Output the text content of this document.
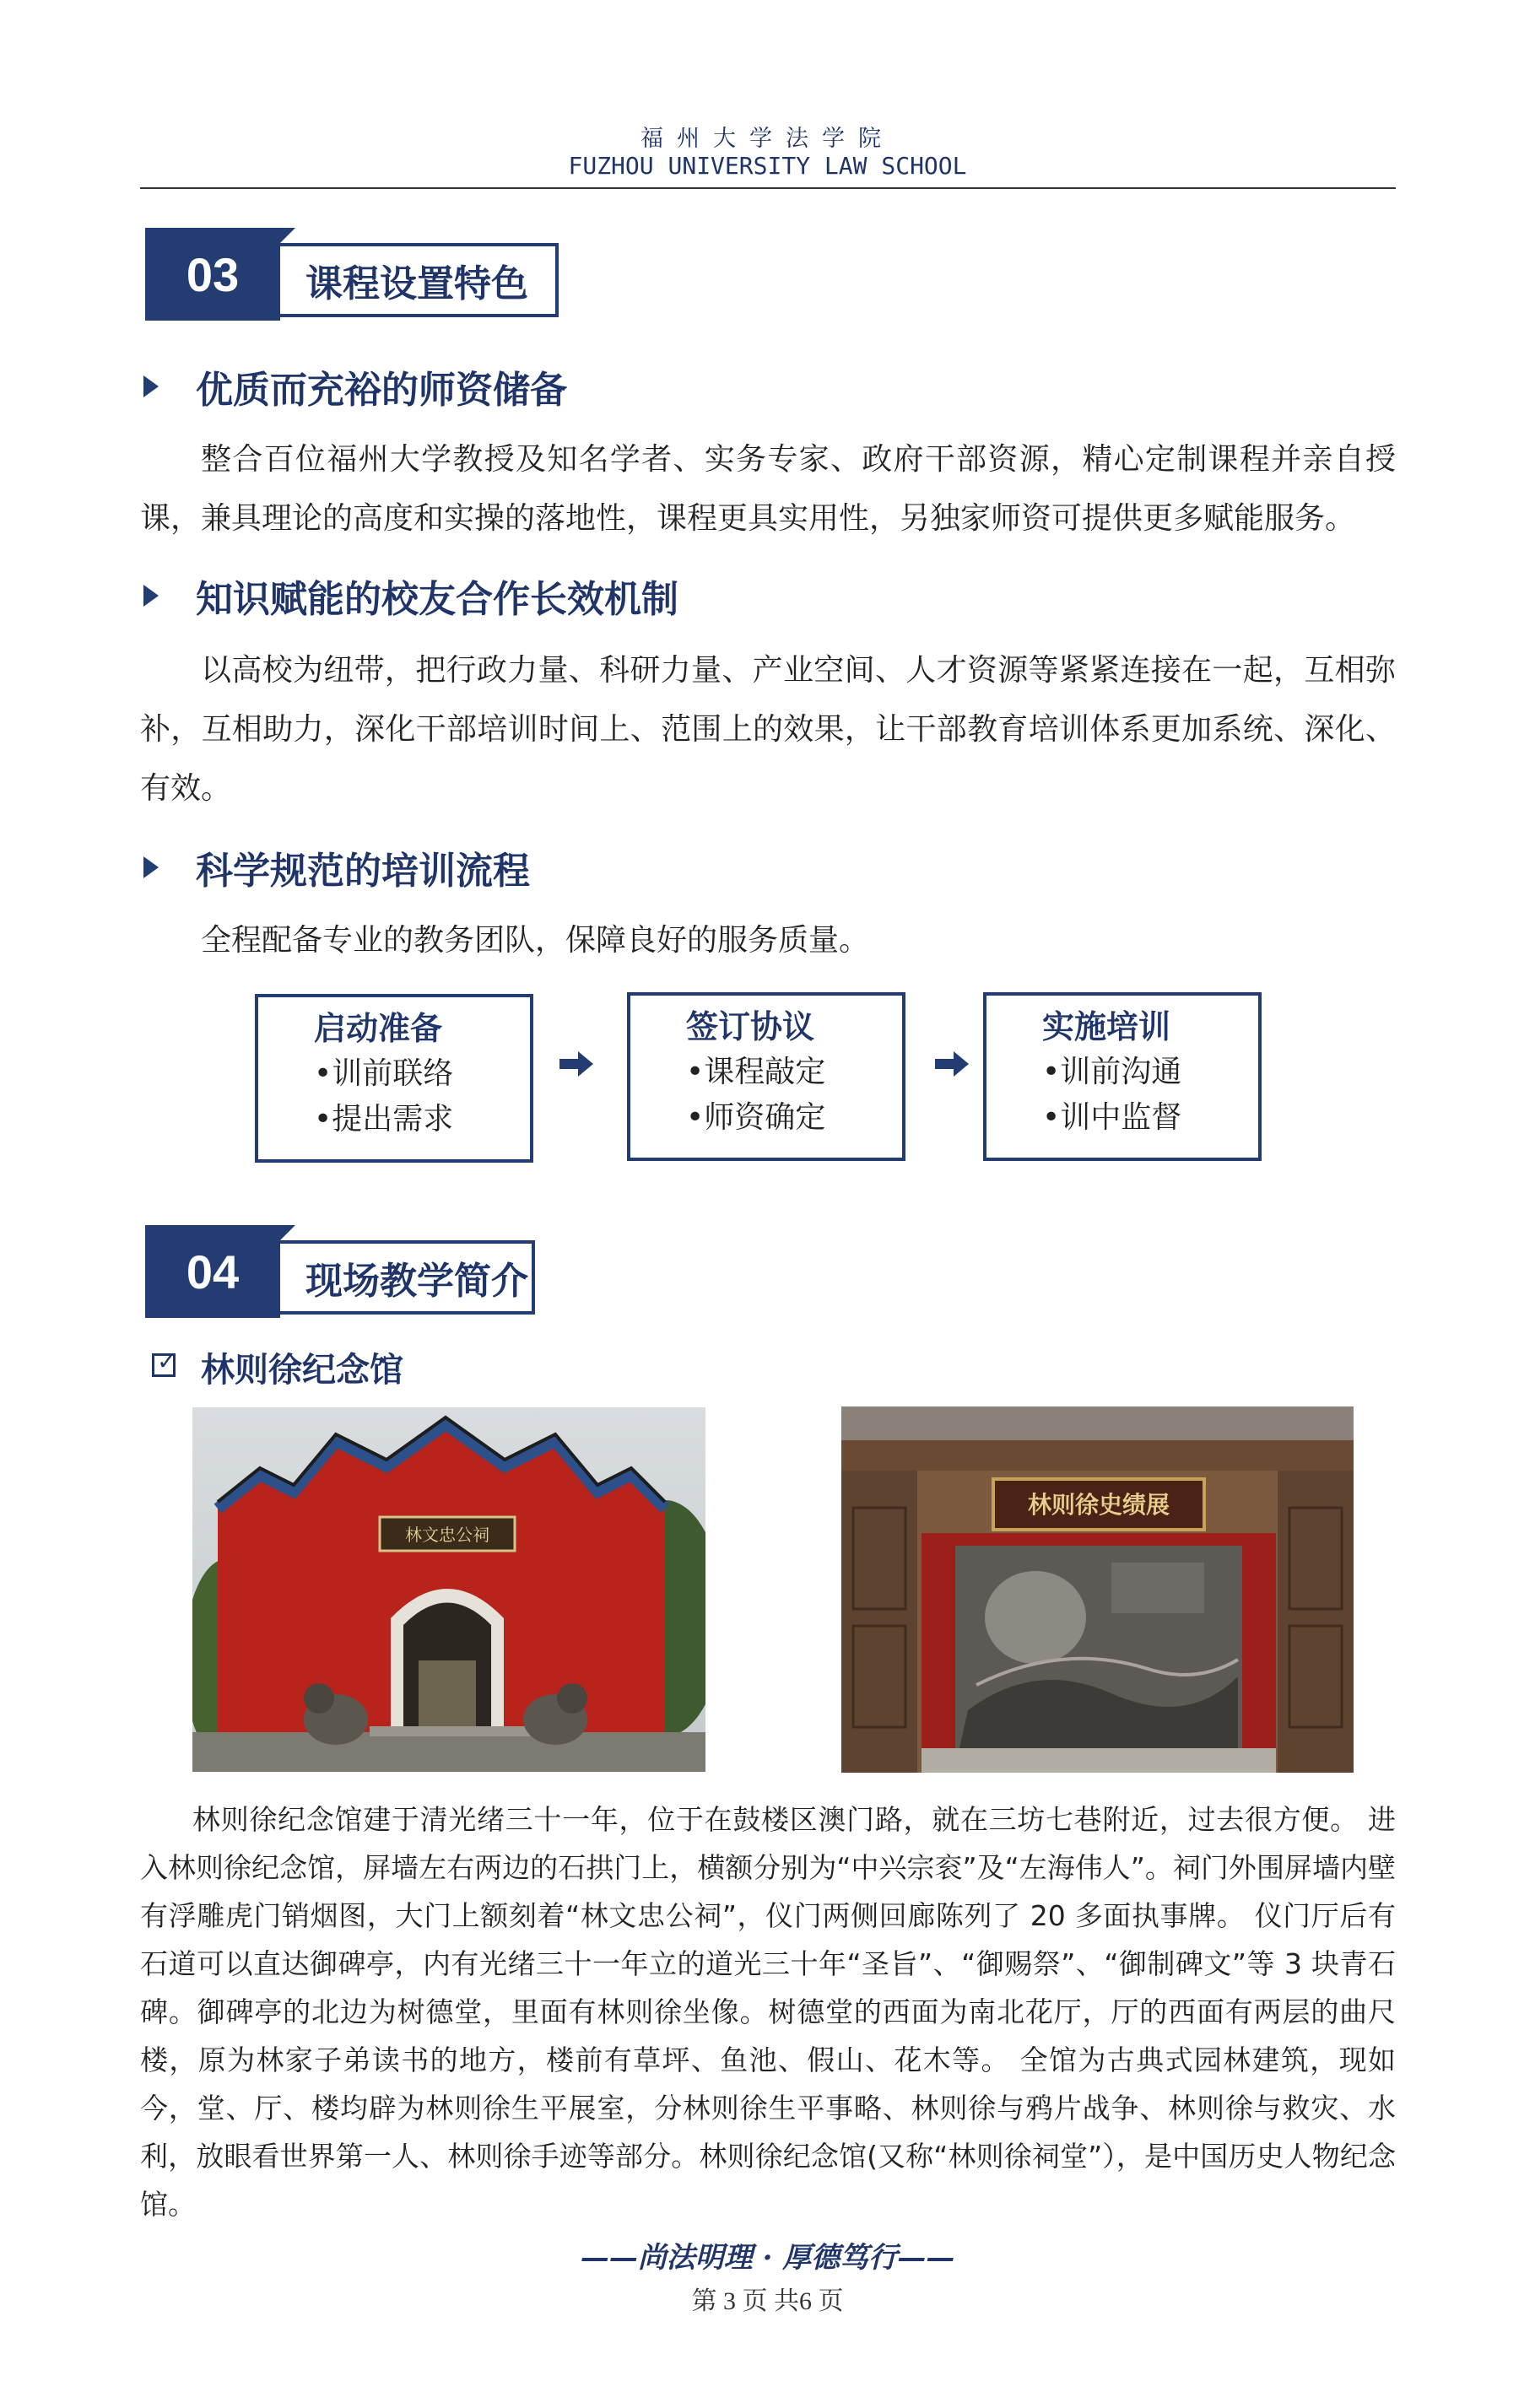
福州大学法学院
FUZHOU UNIVERSITY LAW SCHOOL
03	课程设置特色
优质而充裕的师资储备

整合百位福州大学教授及知名学者、实务专家、政府干部资源，精心定制课程并亲自授课，兼具理论的高度和实操的落地性，课程更具实用性，另独家师资可提供更多赋能服务。

知识赋能的校友合作长效机制

以高校为纽带，把行政力量、科研力量、产业空间、人才资源等紧紧连接在一起，互相弥补，互相助力，深化干部培训时间上、范围上的效果，让干部教育培训体系更加系统、深化、有效。

科学规范的培训流程

全程配备专业的教务团队，保障良好的服务质量。

启动准备
•训前联络
•提出需求
签订协议
•课程敲定
•师资确定
实施培训
•训前沟通
•训中监督
04	现场教学简介
✓ 林则徐纪念馆
林文忠公祠
林则徐史绩展

林则徐纪念馆建于清光绪三十一年，位于在鼓楼区澳门路，就在三坊七巷附近，过去很方便。 进入林则徐纪念馆，屏墙左右两边的石拱门上，横额分别为“中兴宗衮”及“左海伟人”。祠门外围屏墙内壁有浮雕虎门销烟图，大门上额刻着“林文忠公祠”，仪门两侧回廊陈列了 20 多面执事牌。 仪门厅后有石道可以直达御碑亭，内有光绪三十一年立的道光三十年“圣旨”、“御赐祭”、“御制碑文”等 3 块青石碑。御碑亭的北边为树德堂，里面有林则徐坐像。树德堂的西面为南北花厅，厅的西面有两层的曲尺楼，原为林家子弟读书的地方，楼前有草坪、鱼池、假山、花木等。 全馆为古典式园林建筑，现如今，堂、厅、楼均辟为林则徐生平展室，分林则徐生平事略、林则徐与鸦片战争、林则徐与救灾、水利，放眼看世界第一人、林则徐手迹等部分。林则徐纪念馆(又称“林则徐祠堂”），是中国历史人物纪念馆。

——尚法明理 · 厚德笃行——
第 3 页 共6 页
